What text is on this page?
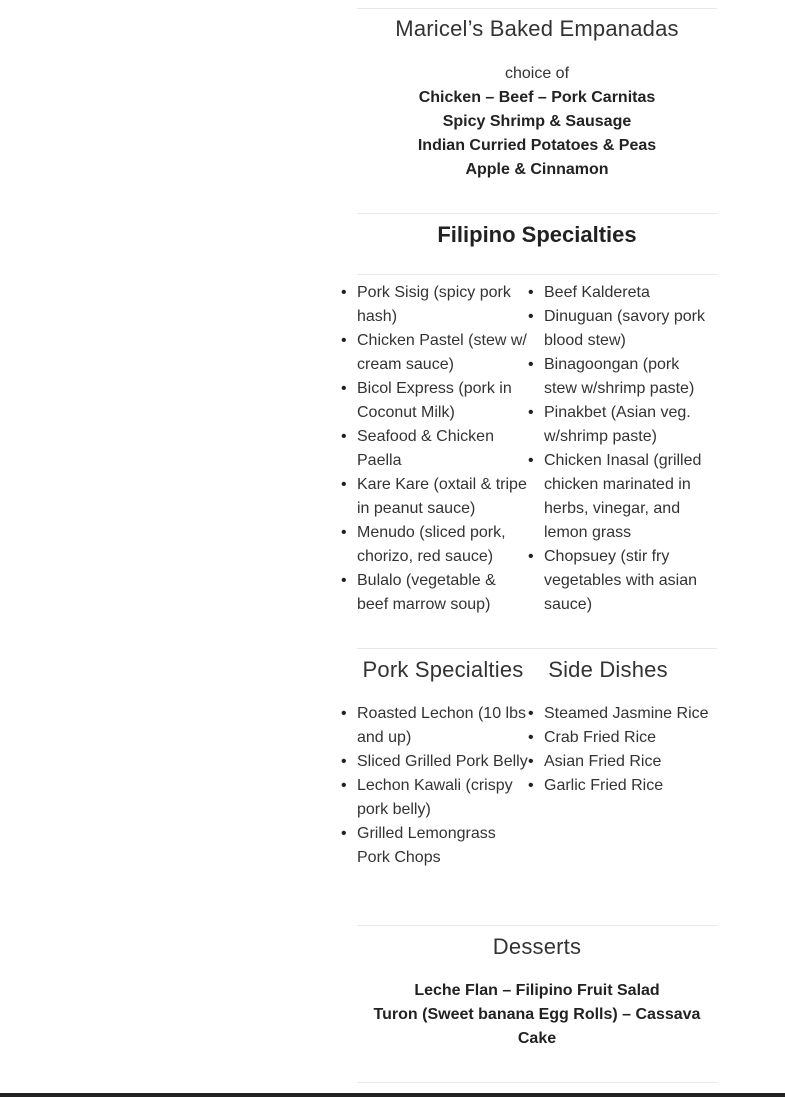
Maricel’s Baked Empanadas
choice of
Chicken – Beef – Pork Carnitas
Spicy Shrimp & Sausage
Indian Curried Potatoes & Peas
Apple & Cinnamon
Filipino Specialties
• Pork Sisig (spicy pork hash)
• Chicken Pastel (stew w/ cream sauce)
• Bicol Express (pork in Coconut Milk)
• Seafood & Chicken Paella
• Kare Kare (oxtail & tripe in peanut sauce)
• Menudo (sliced pork, chorizo, red sauce)
• Bulalo (vegetable & beef marrow soup)
• Beef Kaldereta
• Dinuguan (savory pork blood stew)
• Binagoongan (pork stew w/shrimp paste)
• Pinakbet (Asian veg. w/shrimp paste)
• Chicken Inasal (grilled chicken marinated in herbs, vinegar, and lemon grass
• Chopsuey (stir fry vegetables with asian sauce)
Pork Specialties Side Dishes
• Roasted Lechon (10 lbs and up)
• Sliced Grilled Pork Belly
• Lechon Kawali (crispy pork belly)
• Grilled Lemongrass Pork Chops
• Steamed Jasmine Rice
• Crab Fried Rice
• Asian Fried Rice
• Garlic Fried Rice
Desserts
Leche Flan – Filipino Fruit Salad
Turon (Sweet banana Egg Rolls) – Cassava Cake
